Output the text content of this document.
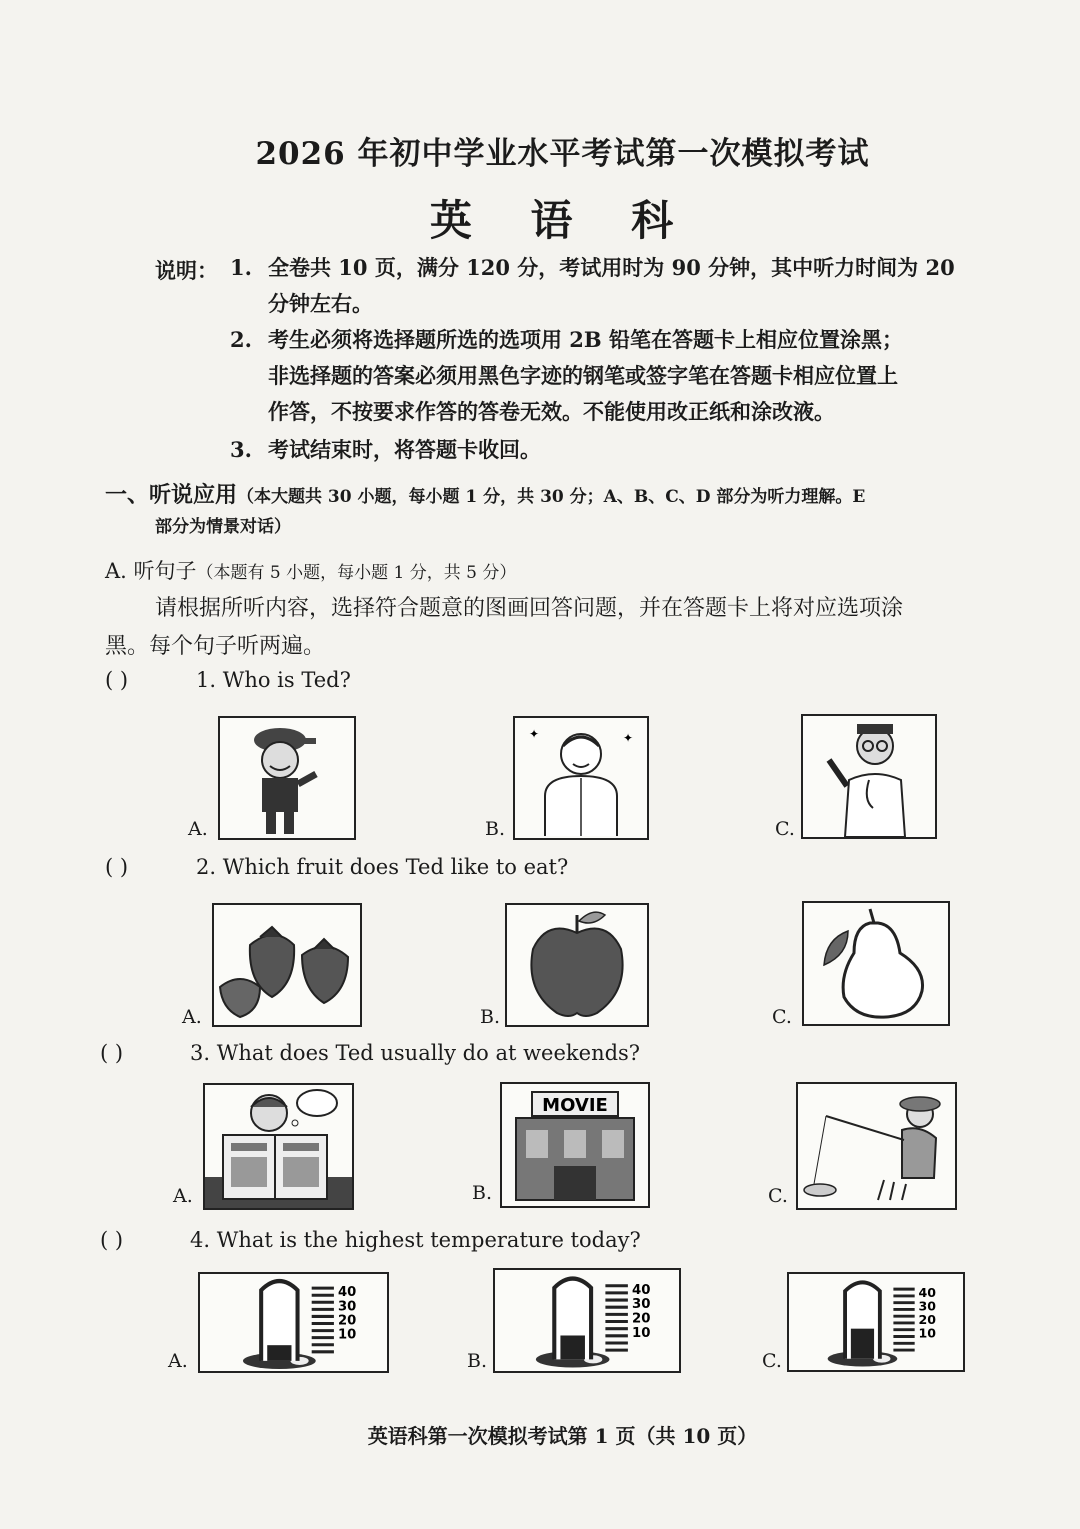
2026 年初中学业水平考试第一次模拟考试
英 语 科
说明： 1. 全卷共 10 页，满分 120 分，考试用时为 90 分钟，其中听力时间为 20
分钟左右。
2. 考生必须将选择题所选的选项用 2B 铅笔在答题卡上相应位置涂黑；
非选择题的答案必须用黑色字迹的钢笔或签字笔在答题卡相应位置上
作答，不按要求作答的答卷无效。不能使用改正纸和涂改液。
3. 考试结束时，将答题卡收回。
一、听说应用（本大题共 30 小题，每小题 1 分，共 30 分；A、B、C、D 部分为听力理解。E
部分为情景对话）
A. 听句子（本题有 5 小题，每小题 1 分，共 5 分）
请根据所听内容，选择符合题意的图画回答问题，并在答题卡上将对应选项涂
黑。每个句子听两遍。
( )	1. Who is Ted?
A.	B.
✦	✦
C.
( )	2. Which fruit does Ted like to eat?
A.	B.	C.
( )	3. What does Ted usually do at weekends?
A.	B.
MOVIE
C.
( )	4. What is the highest temperature today?
A.
40
30
20
10
B.
40
30
20
10
C.
40
30
20
10
英语科第一次模拟考试第 1 页（共 10 页）
